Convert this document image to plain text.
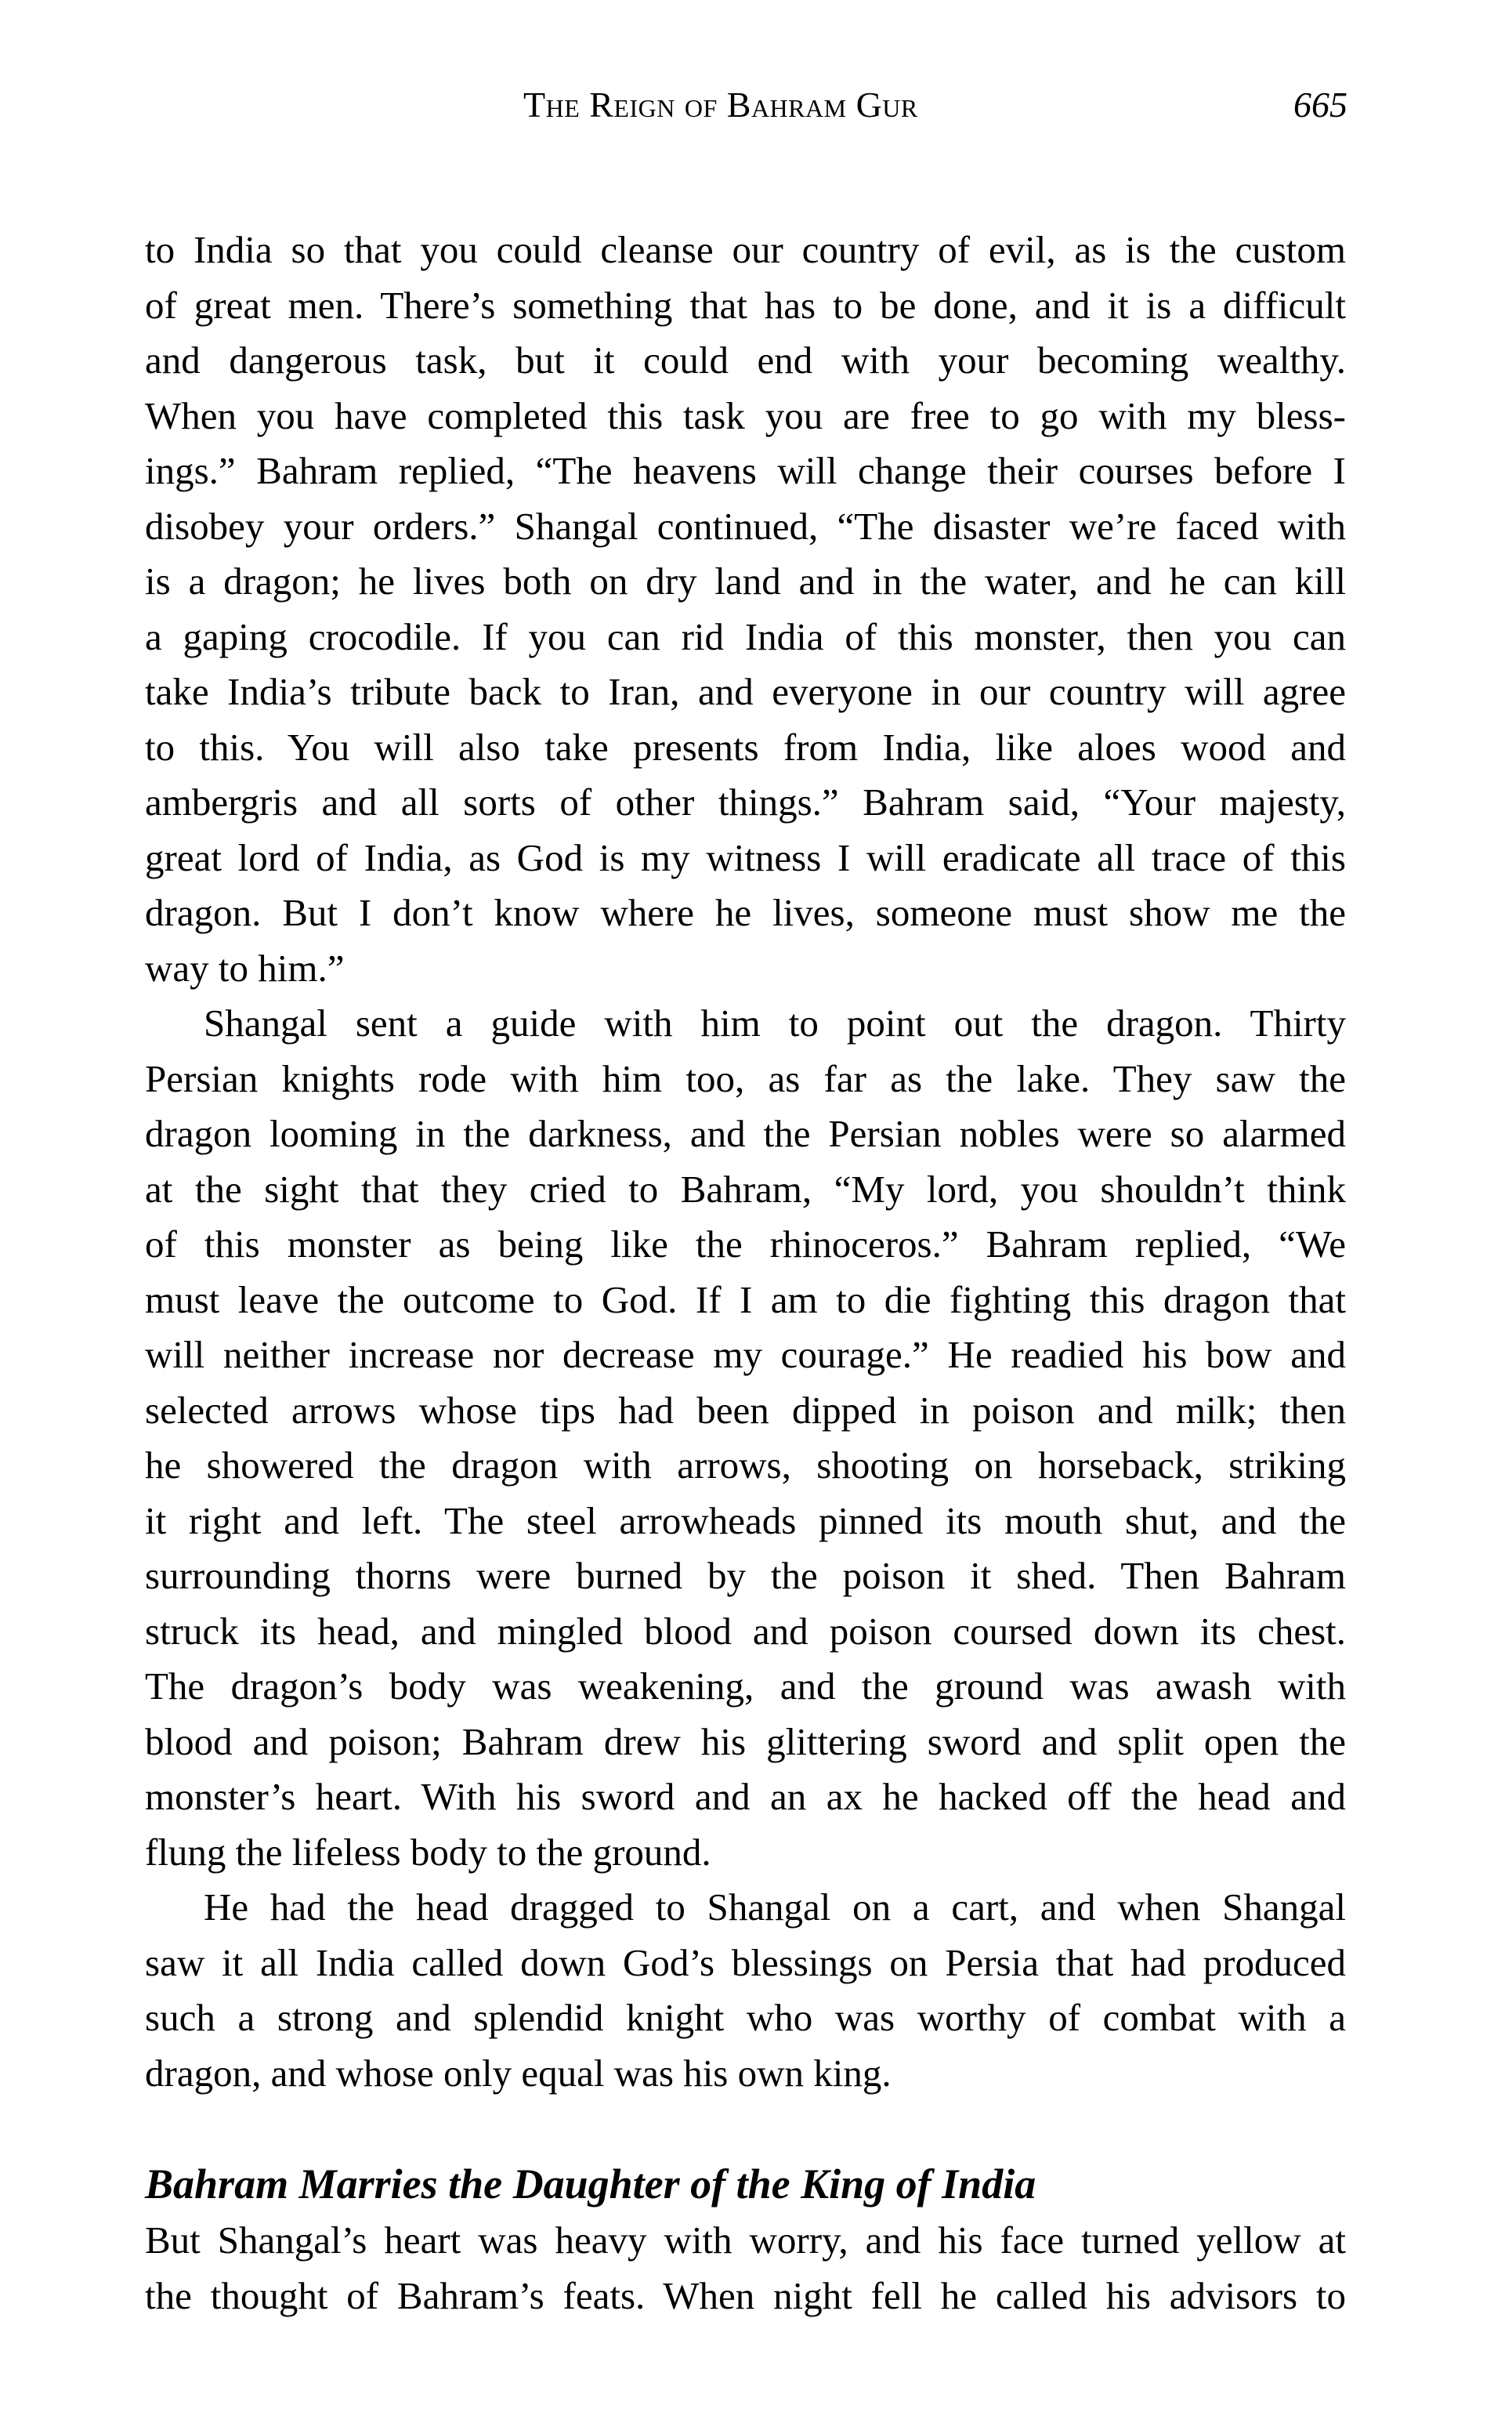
The Reign of Bahram Gur	665
to India so that you could cleanse our country of evil, as is the custom
of great men. There’s something that has to be done, and it is a difficult
and dangerous task, but it could end with your becoming wealthy.
When you have completed this task you are free to go with my bless-
ings.” Bahram replied, “The heavens will change their courses before I
disobey your orders.” Shangal continued, “The disaster we’re faced with
is a dragon; he lives both on dry land and in the water, and he can kill
a gaping crocodile. If you can rid India of this monster, then you can
take India’s tribute back to Iran, and everyone in our country will agree
to this. You will also take presents from India, like aloes wood and
ambergris and all sorts of other things.” Bahram said, “Your majesty,
great lord of India, as God is my witness I will eradicate all trace of this
dragon. But I don’t know where he lives, someone must show me the
way to him.”
Shangal sent a guide with him to point out the dragon. Thirty
Persian knights rode with him too, as far as the lake. They saw the
dragon looming in the darkness, and the Persian nobles were so alarmed
at the sight that they cried to Bahram, “My lord, you shouldn’t think
of this monster as being like the rhinoceros.” Bahram replied, “We
must leave the outcome to God. If I am to die fighting this dragon that
will neither increase nor decrease my courage.” He readied his bow and
selected arrows whose tips had been dipped in poison and milk; then
he showered the dragon with arrows, shooting on horseback, striking
it right and left. The steel arrowheads pinned its mouth shut, and the
surrounding thorns were burned by the poison it shed. Then Bahram
struck its head, and mingled blood and poison coursed down its chest.
The dragon’s body was weakening, and the ground was awash with
blood and poison; Bahram drew his glittering sword and split open the
monster’s heart. With his sword and an ax he hacked off the head and
flung the lifeless body to the ground.
He had the head dragged to Shangal on a cart, and when Shangal
saw it all India called down God’s blessings on Persia that had produced
such a strong and splendid knight who was worthy of combat with a
dragon, and whose only equal was his own king.
Bahram Marries the Daughter of the King of India
But Shangal’s heart was heavy with worry, and his face turned yellow at
the thought of Bahram’s feats. When night fell he called his advisors to
